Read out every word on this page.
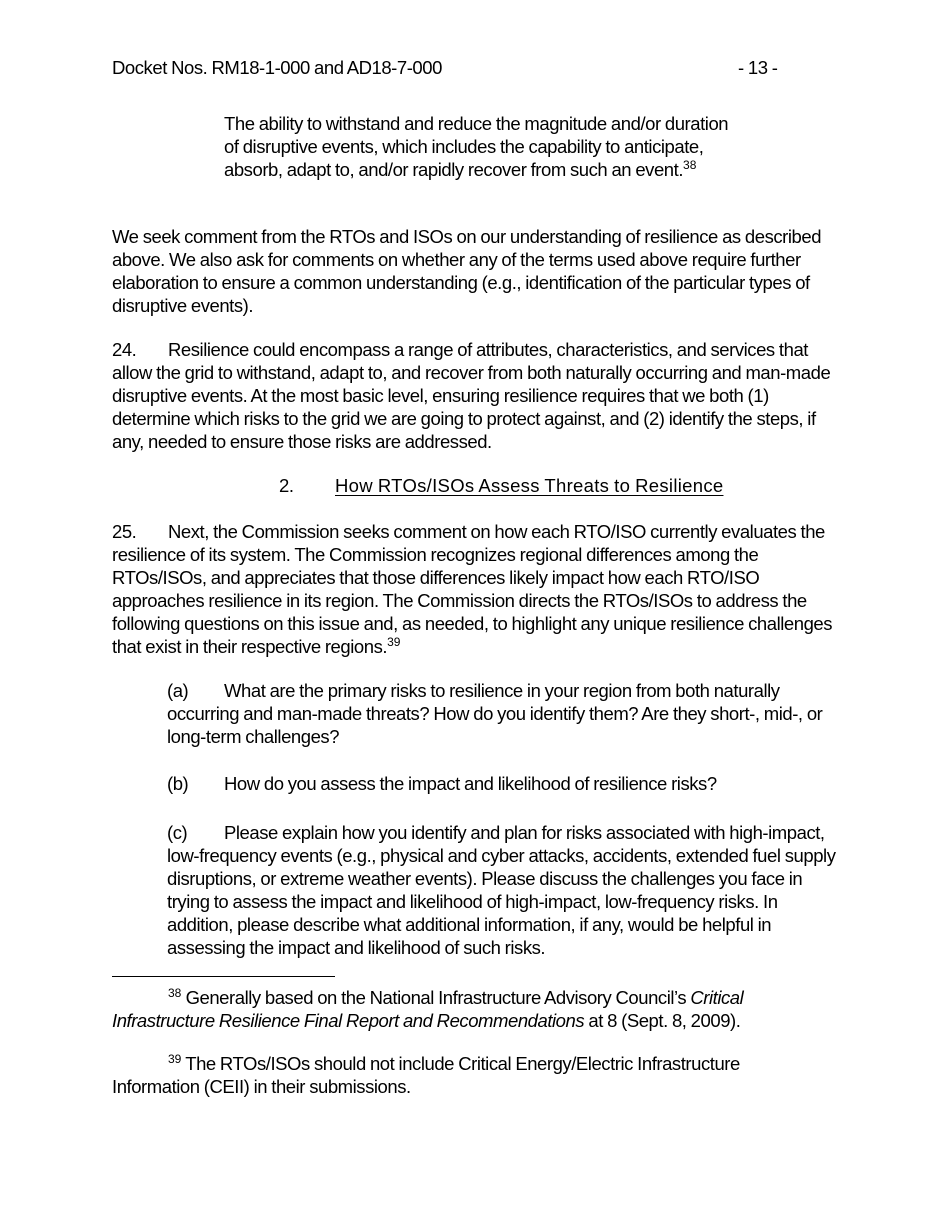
Docket Nos. RM18-1-000 and AD18-7-000	- 13 -
The ability to withstand and reduce the magnitude and/or duration of disruptive events, which includes the capability to anticipate, absorb, adapt to, and/or rapidly recover from such an event.$^{38}$
We seek comment from the RTOs and ISOs on our understanding of resilience as described above. We also ask for comments on whether any of the terms used above require further elaboration to ensure a common understanding (e.g., identification of the particular types of disruptive events).
24. Resilience could encompass a range of attributes, characteristics, and services that allow the grid to withstand, adapt to, and recover from both naturally occurring and man-made disruptive events. At the most basic level, ensuring resilience requires that we both (1) determine which risks to the grid we are going to protect against, and (2) identify the steps, if any, needed to ensure those risks are addressed.
2. How RTOs/ISOs Assess Threats to Resilience
25. Next, the Commission seeks comment on how each RTO/ISO currently evaluates the resilience of its system. The Commission recognizes regional differences among the RTOs/ISOs, and appreciates that those differences likely impact how each RTO/ISO approaches resilience in its region. The Commission directs the RTOs/ISOs to address the following questions on this issue and, as needed, to highlight any unique resilience challenges that exist in their respective regions.$^{39}$
(a) What are the primary risks to resilience in your region from both naturally occurring and man-made threats? How do you identify them? Are they short-, mid-, or long-term challenges?
(b) How do you assess the impact and likelihood of resilience risks?
(c) Please explain how you identify and plan for risks associated with high-impact, low-frequency events (e.g., physical and cyber attacks, accidents, extended fuel supply disruptions, or extreme weather events). Please discuss the challenges you face in trying to assess the impact and likelihood of high-impact, low-frequency risks. In addition, please describe what additional information, if any, would be helpful in assessing the impact and likelihood of such risks.
$^{38}$ Generally based on the National Infrastructure Advisory Council’s Critical Infrastructure Resilience Final Report and Recommendations at 8 (Sept. 8, 2009).
$^{39}$ The RTOs/ISOs should not include Critical Energy/Electric Infrastructure Information (CEII) in their submissions.
